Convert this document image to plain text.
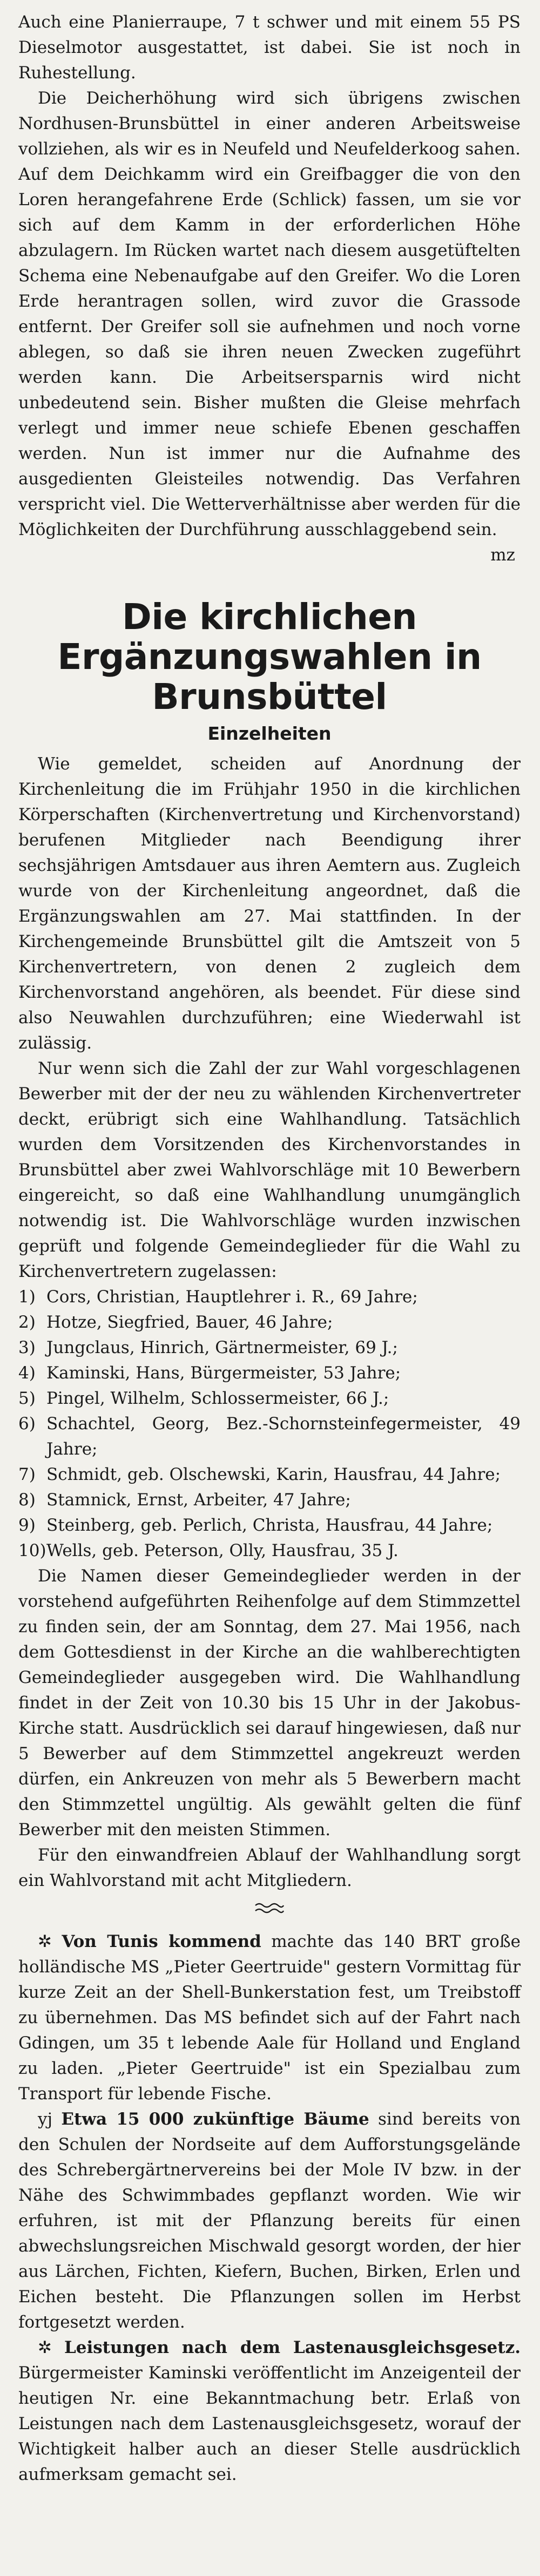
Auch eine Planierraupe, 7 t schwer und mit einem 55 PS Dieselmotor ausgestattet, ist dabei. Sie ist noch in Ruhestellung.

Die Deicherhöhung wird sich übrigens zwischen Nordhusen-Brunsbüttel in einer anderen Arbeitsweise vollziehen, als wir es in Neufeld und Neufelderkoog sahen. Auf dem Deichkamm wird ein Greifbagger die von den Loren herangefahrene Erde (Schlick) fassen, um sie vor sich auf dem Kamm in der erforderlichen Höhe abzulagern. Im Rücken wartet nach diesem ausgetüftelten Schema eine Nebenaufgabe auf den Greifer. Wo die Loren Erde herantragen sollen, wird zuvor die Grassode entfernt. Der Greifer soll sie aufnehmen und noch vorne ablegen, so daß sie ihren neuen Zwecken zugeführt werden kann. Die Arbeitsersparnis wird nicht unbedeutend sein. Bisher mußten die Gleise mehrfach verlegt und immer neue schiefe Ebenen geschaffen werden. Nun ist immer nur die Aufnahme des ausgedienten Gleisteiles notwendig. Das Verfahren verspricht viel. Die Wetterverhältnisse aber werden für die Möglichkeiten der Durchführung ausschlaggebend sein.

mz
Die kirchlichen Ergänzungswahlen in Brunsbüttel
Einzelheiten

Wie gemeldet, scheiden auf Anordnung der Kirchenleitung die im Frühjahr 1950 in die kirchlichen Körperschaften (Kirchenvertretung und Kirchenvorstand) berufenen Mitglieder nach Beendigung ihrer sechsjährigen Amtsdauer aus ihren Aemtern aus. Zugleich wurde von der Kirchenleitung angeordnet, daß die Ergänzungswahlen am 27. Mai stattfinden. In der Kirchengemeinde Brunsbüttel gilt die Amtszeit von 5 Kirchenvertretern, von denen 2 zugleich dem Kirchenvorstand angehören, als beendet. Für diese sind also Neuwahlen durchzuführen; eine Wiederwahl ist zulässig.

Nur wenn sich die Zahl der zur Wahl vorgeschlagenen Bewerber mit der der neu zu wählenden Kirchenvertreter deckt, erübrigt sich eine Wahlhandlung. Tatsächlich wurden dem Vorsitzenden des Kirchenvorstandes in Brunsbüttel aber zwei Wahlvorschläge mit 10 Bewerbern eingereicht, so daß eine Wahlhandlung unumgänglich notwendig ist. Die Wahlvorschläge wurden inzwischen geprüft und folgende Gemeindeglieder für die Wahl zu Kirchenvertretern zugelassen:

1) Cors, Christian, Hauptlehrer i. R., 69 Jahre;
2) Hotze, Siegfried, Bauer, 46 Jahre;
3) Jungclaus, Hinrich, Gärtnermeister, 69 J.;
4) Kaminski, Hans, Bürgermeister, 53 Jahre;
5) Pingel, Wilhelm, Schlossermeister, 66 J.;
6) Schachtel, Georg, Bez.-Schornsteinfegermeister, 49 Jahre;
7) Schmidt, geb. Olschewski, Karin, Hausfrau, 44 Jahre;
8) Stamnick, Ernst, Arbeiter, 47 Jahre;
9) Steinberg, geb. Perlich, Christa, Hausfrau, 44 Jahre;
10) Wells, geb. Peterson, Olly, Hausfrau, 35 J.

Die Namen dieser Gemeindeglieder werden in der vorstehend aufgeführten Reihenfolge auf dem Stimmzettel zu finden sein, der am Sonntag, dem 27. Mai 1956, nach dem Gottesdienst in der Kirche an die wahlberechtigten Gemeindeglieder ausgegeben wird. Die Wahlhandlung findet in der Zeit von 10.30 bis 15 Uhr in der Jakobus-Kirche statt. Ausdrücklich sei darauf hingewiesen, daß nur 5 Bewerber auf dem Stimmzettel angekreuzt werden dürfen, ein Ankreuzen von mehr als 5 Bewerbern macht den Stimmzettel ungültig. Als gewählt gelten die fünf Bewerber mit den meisten Stimmen.

Für den einwandfreien Ablauf der Wahlhandlung sorgt ein Wahlvorstand mit acht Mitgliedern.

✲ Von Tunis kommend machte das 140 BRT große holländische MS „Pieter Geertruide" gestern Vormittag für kurze Zeit an der Shell-Bunkerstation fest, um Treibstoff zu übernehmen. Das MS befindet sich auf der Fahrt nach Gdingen, um 35 t lebende Aale für Holland und England zu laden. „Pieter Geertruide" ist ein Spezialbau zum Transport für lebende Fische.

yj Etwa 15 000 zukünftige Bäume sind bereits von den Schulen der Nordseite auf dem Aufforstungsgelände des Schrebergärtnervereins bei der Mole IV bzw. in der Nähe des Schwimmbades gepflanzt worden. Wie wir erfuhren, ist mit der Pflanzung bereits für einen abwechslungsreichen Mischwald gesorgt worden, der hier aus Lärchen, Fichten, Kiefern, Buchen, Birken, Erlen und Eichen besteht. Die Pflanzungen sollen im Herbst fortgesetzt werden.

✲ Leistungen nach dem Lastenausgleichsgesetz. Bürgermeister Kaminski veröffentlicht im Anzeigenteil der heutigen Nr. eine Bekanntmachung betr. Erlaß von Leistungen nach dem Lastenausgleichsgesetz, worauf der Wichtigkeit halber auch an dieser Stelle ausdrücklich aufmerksam gemacht sei.
